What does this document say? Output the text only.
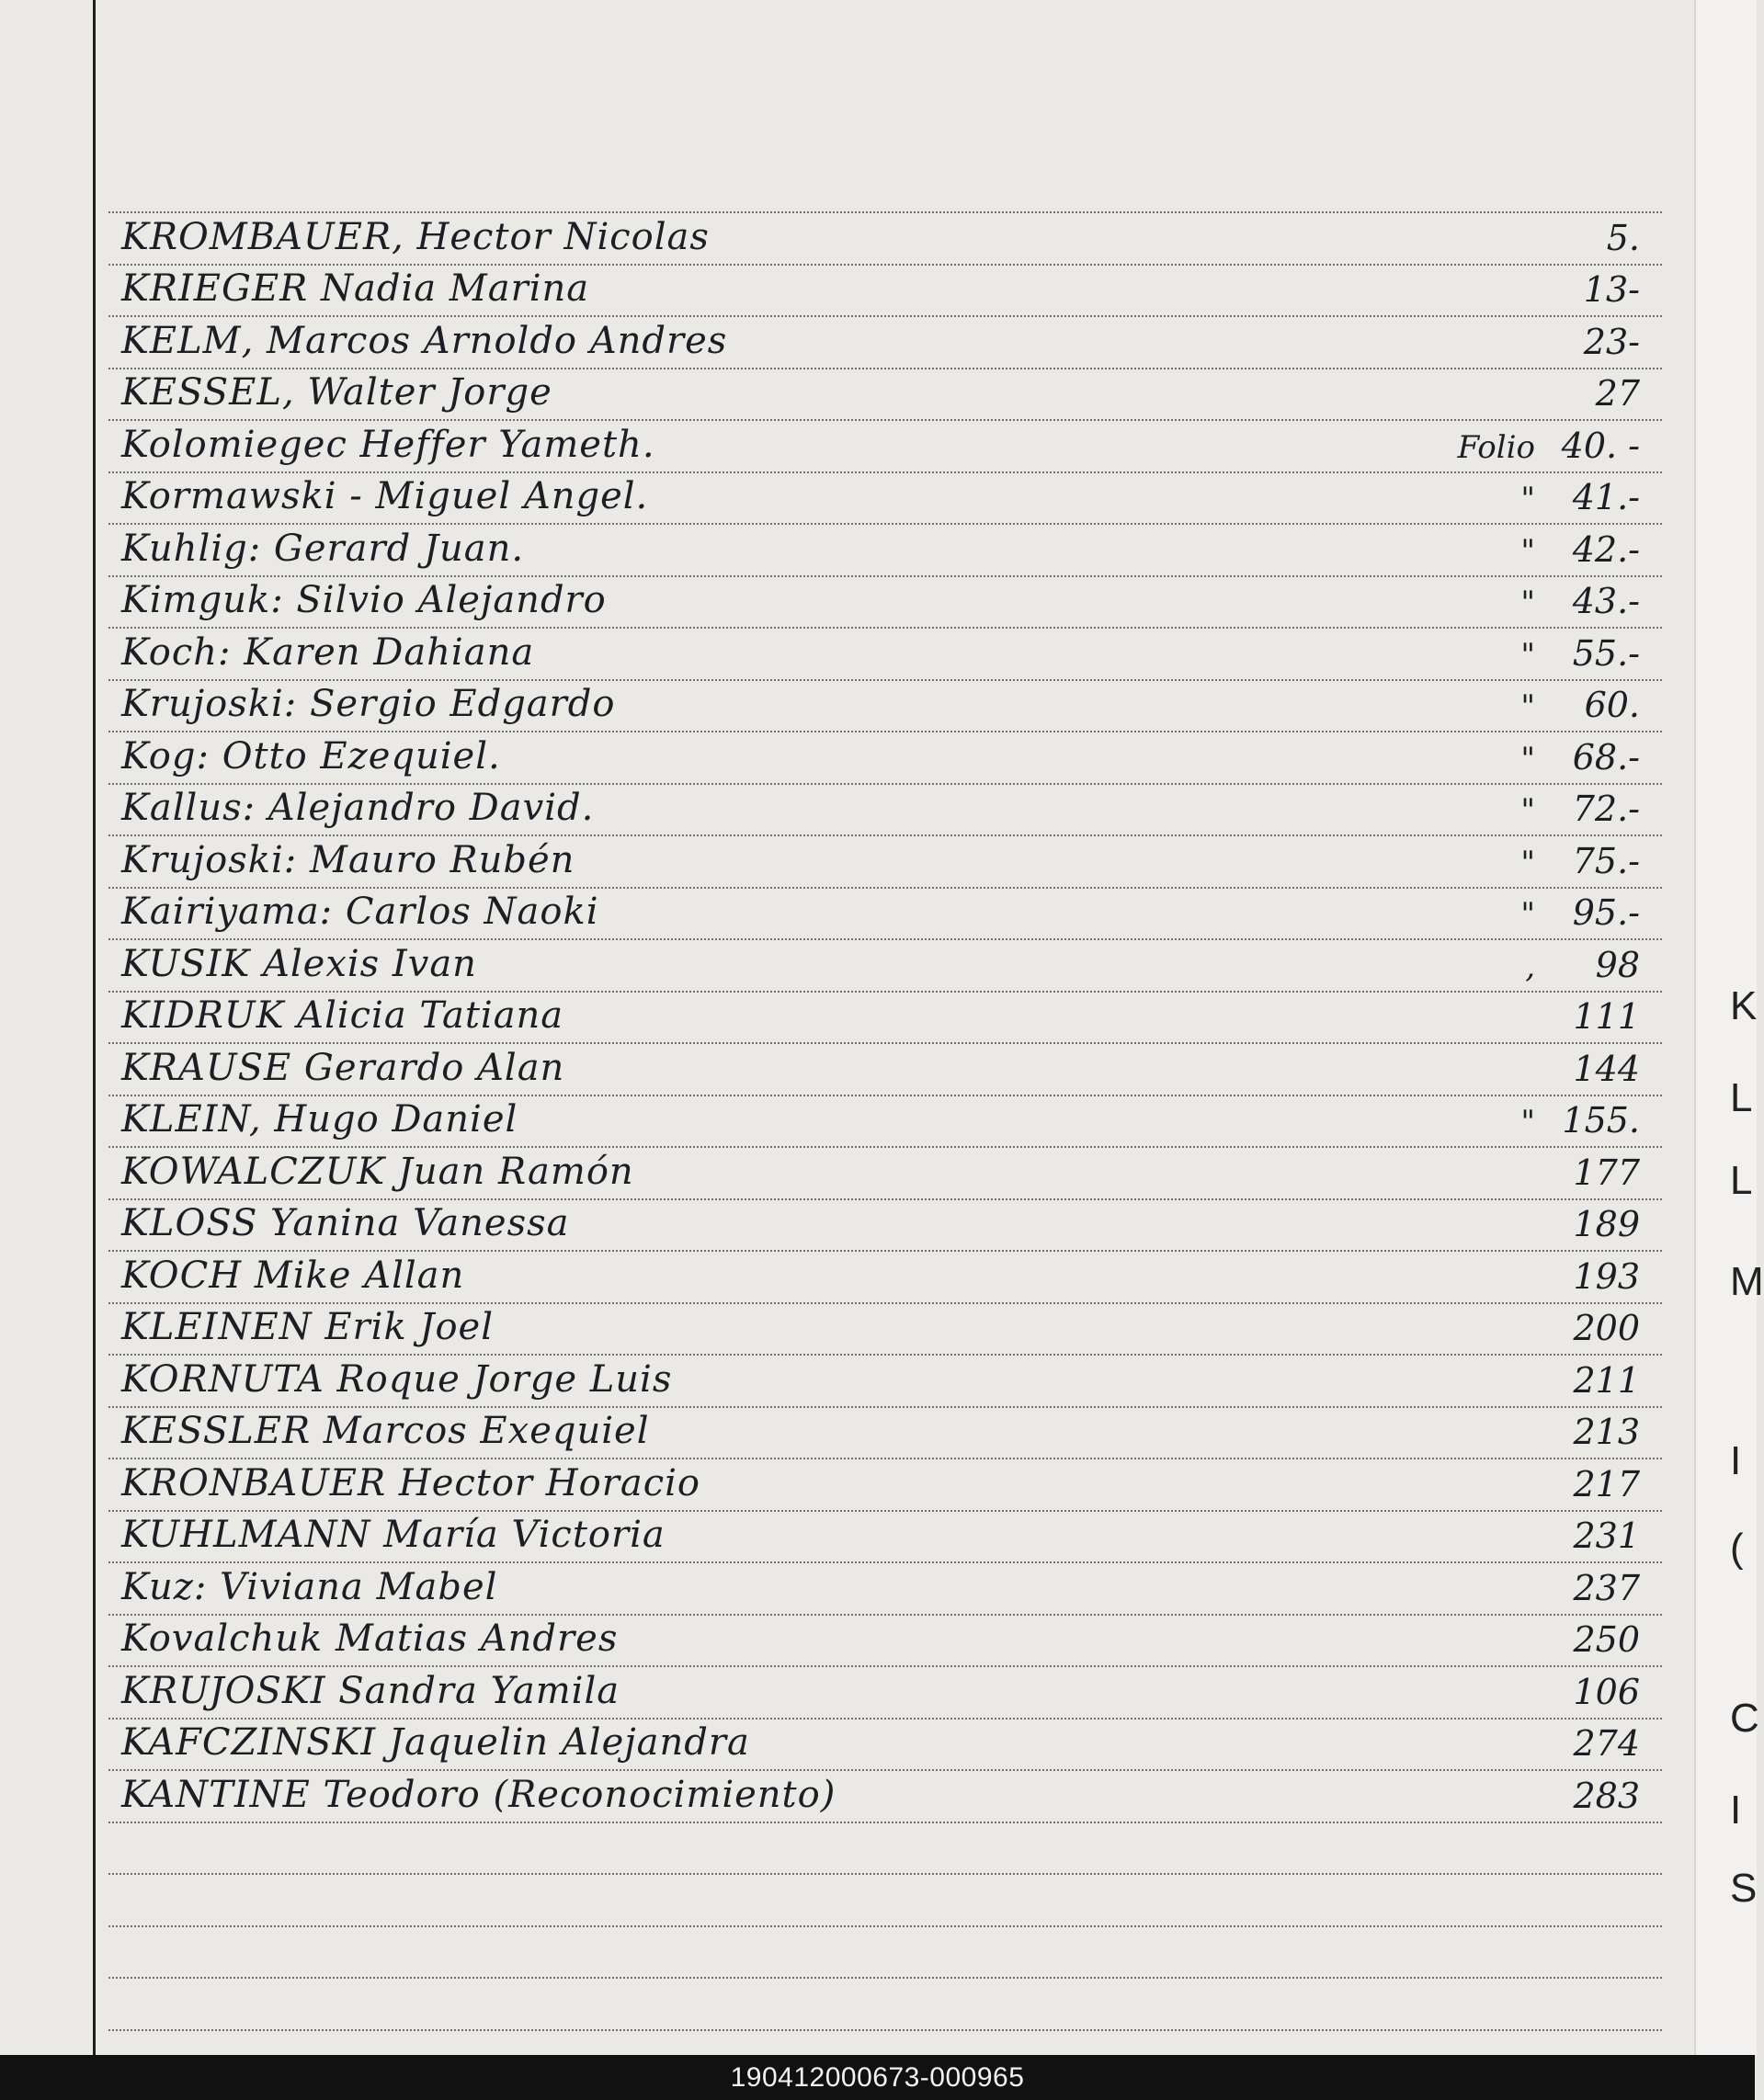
KROMBAUER, Hector Nicolas	5.
KRIEGER Nadia Marina	13-
KELM, Marcos Arnoldo Andres	23-
KESSEL, Walter Jorge	27
Kolomiegec Heffer Yameth.	Folio 40. -
Kormawski - Miguel Angel.	"	41.-
Kuhlig: Gerard Juan.	"	42.-
Kimguk: Silvio Alejandro	"	43.-
Koch: Karen Dahiana	"	55.-
Krujoski: Sergio Edgardo	"	60.
Kog: Otto Ezequiel.	"	68.-
Kallus: Alejandro David.	"	72.-
Krujoski: Mauro Rubén	"	75.-
Kairiyama: Carlos Naoki	"	95.-
KUSIK Alexis Ivan	,	98
KIDRUK Alicia Tatiana	111
KRAUSE Gerardo Alan	144
KLEIN, Hugo Daniel	" 155.
KOWALCZUK Juan Ramón	177
KLOSS Yanina Vanessa	189
KOCH Mike Allan	193
KLEINEN Erik Joel	200
KORNUTA Roque Jorge Luis	211
KESSLER Marcos Exequiel	213
KRONBAUER Hector Horacio	217
KUHLMANN María Victoria	231
Kuz: Viviana Mabel	237
Kovalchuk Matias Andres	250
KRUJOSKI Sandra Yamila	106
KAFCZINSKI Jaquelin Alejandra	274
KANTINE Teodoro (Reconocimiento)	283
K
L
L
M
I
(
C
I
S
190412000673-000965
